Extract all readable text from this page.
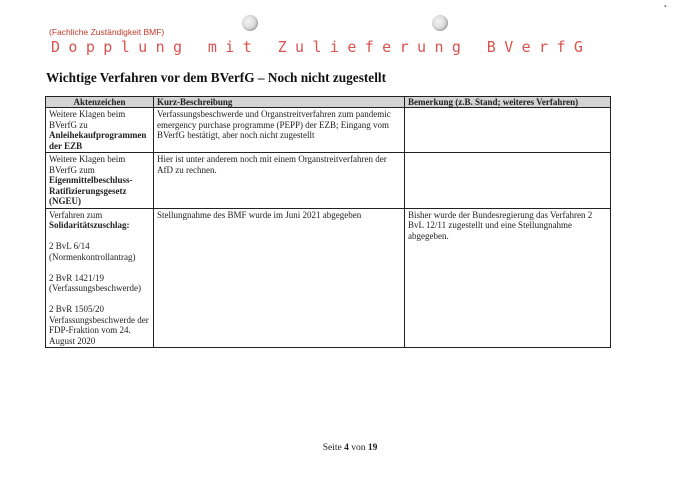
•
(Fachliche Zuständigkeit BMF)
Dopplung mit Zulieferung BVerfG
Wichtige Verfahren vor dem BVerfG – Noch nicht zugestellt
Aktenzeichen	Kurz-Beschreibung	Bemerkung (z.B. Stand; weiteres Verfahren)
Weitere Klagen beim BVerfG zu
Anleihekaufprogrammen der EZB	Verfassungsbeschwerde und Organstreitverfahren zum pandemic emergency purchase programme (PEPP) der EZB; Eingang vom BVerfG bestätigt, aber noch nicht zugestellt	
Weitere Klagen beim BVerfG zum
Eigenmittelbeschluss-Ratifizierungsgesetz (NGEU)	Hier ist unter anderem noch mit einem Organstreitverfahren der AfD zu rechnen.	
Verfahren zum
Solidaritätszuschlag:
2 BvL 6/14 (Normenkontrollantrag)
2 BvR 1421/19 (Verfassungsbeschwerde)
2 BvR 1505/20 Verfassungsbeschwerde der FDP-Fraktion vom 24. August 2020	Stellungnahme des BMF wurde im Juni 2021 abgegeben	Bisher wurde der Bundesregierung das Verfahren 2 BvL 12/11 zugestellt und eine Stellungnahme abgegeben.
Seite 4 von 19
